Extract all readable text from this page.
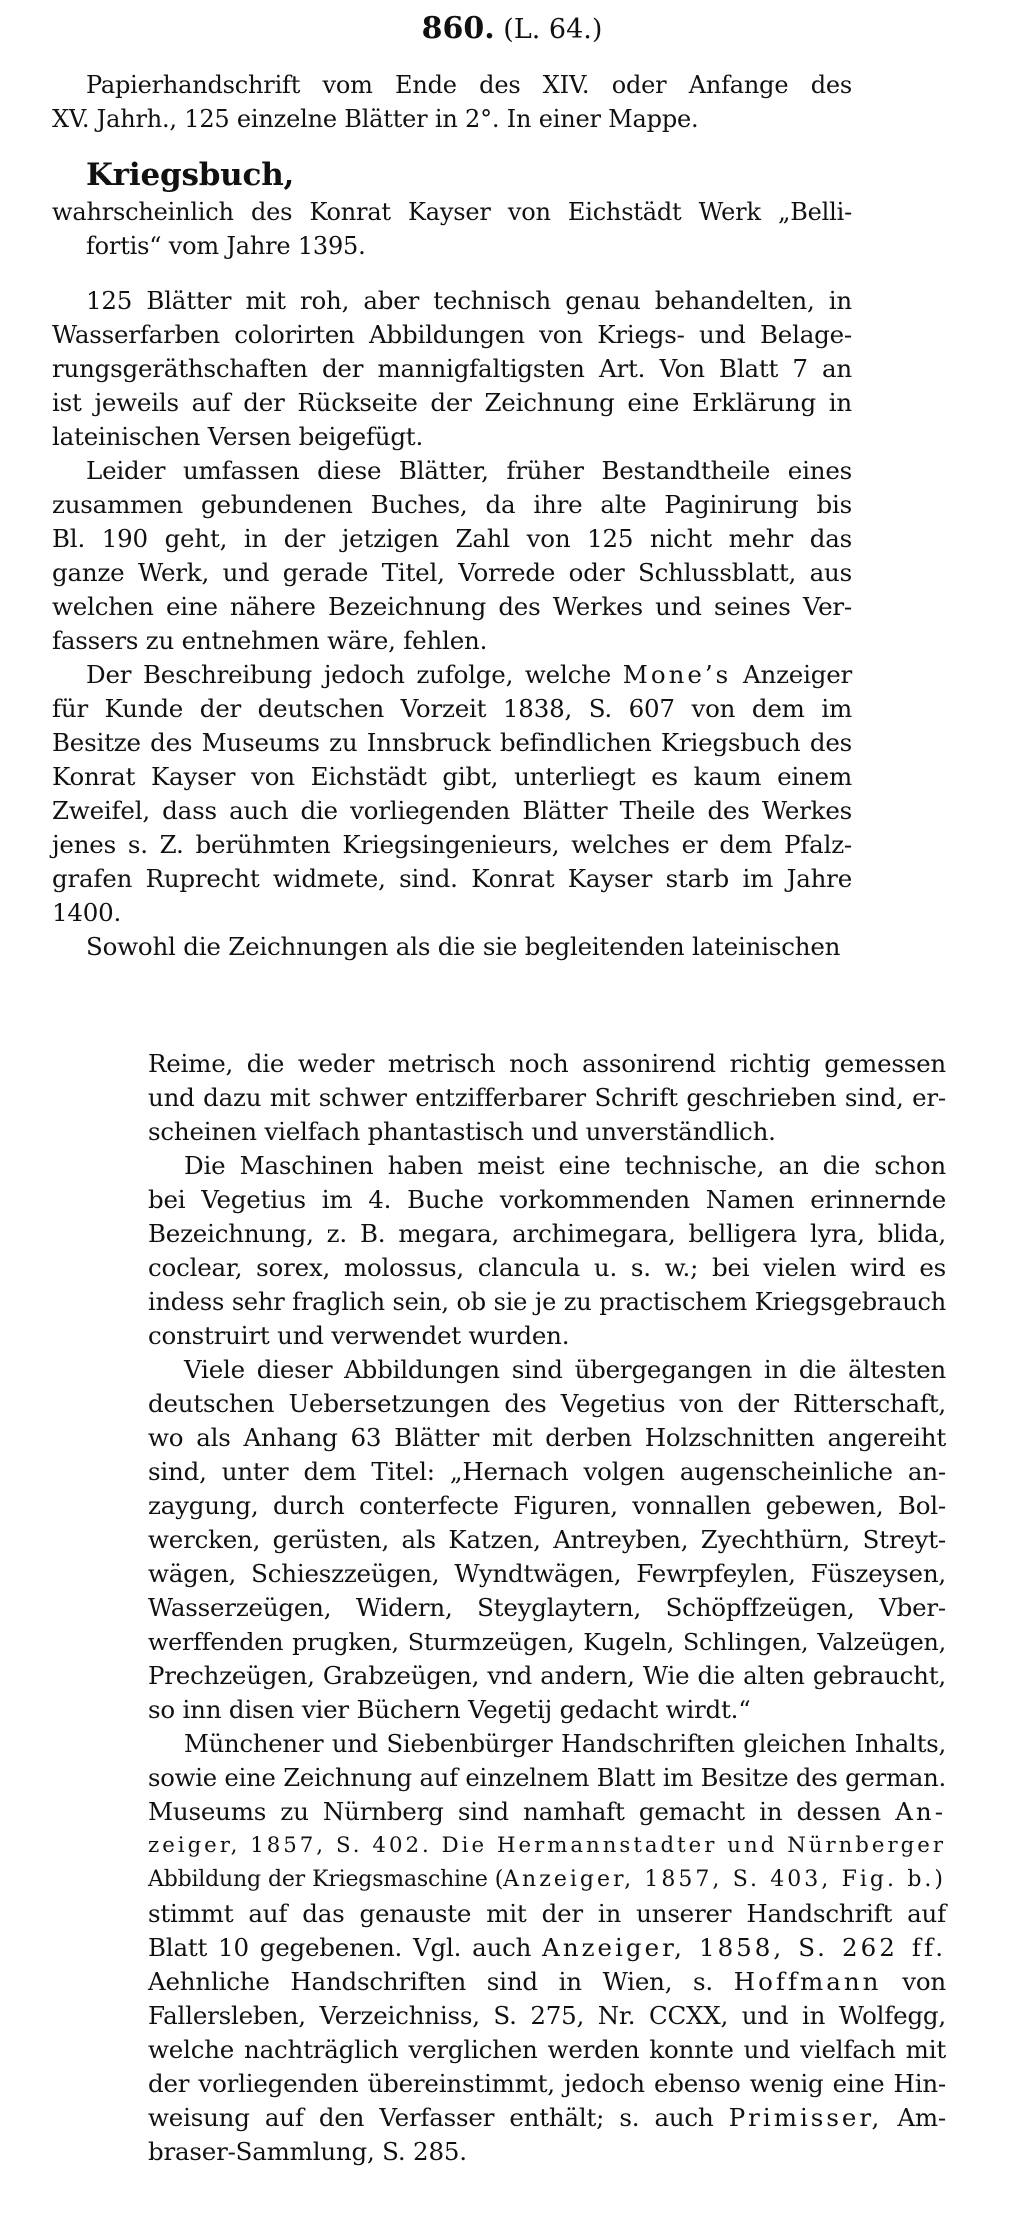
860. (L. 64.)
Papierhandschrift vom Ende des XIV. oder Anfange des
XV. Jahrh., 125 einzelne Blätter in 2°. In einer Mappe.
Kriegsbuch,
wahrscheinlich des Konrat Kayser von Eichstädt Werk „Belli-
fortis“ vom Jahre 1395.
125 Blätter mit roh, aber technisch genau behandelten, in
Wasserfarben colorirten Abbildungen von Kriegs- und Belage-
rungsgeräthschaften der mannigfaltigsten Art. Von Blatt 7 an
ist jeweils auf der Rückseite der Zeichnung eine Erklärung in
lateinischen Versen beigefügt.
Leider umfassen diese Blätter, früher Bestandtheile eines
zusammen gebundenen Buches, da ihre alte Paginirung bis
Bl. 190 geht, in der jetzigen Zahl von 125 nicht mehr das
ganze Werk, und gerade Titel, Vorrede oder Schlussblatt, aus
welchen eine nähere Bezeichnung des Werkes und seines Ver-
fassers zu entnehmen wäre, fehlen.
Der Beschreibung jedoch zufolge, welche Mone’s Anzeiger
für Kunde der deutschen Vorzeit 1838, S. 607 von dem im
Besitze des Museums zu Innsbruck befindlichen Kriegsbuch des
Konrat Kayser von Eichstädt gibt, unterliegt es kaum einem
Zweifel, dass auch die vorliegenden Blätter Theile des Werkes
jenes s. Z. berühmten Kriegsingenieurs, welches er dem Pfalz-
grafen Ruprecht widmete, sind. Konrat Kayser starb im Jahre
1400.
Sowohl die Zeichnungen als die sie begleitenden lateinischen
Reime, die weder metrisch noch assonirend richtig gemessen
und dazu mit schwer entzifferbarer Schrift geschrieben sind, er-
scheinen vielfach phantastisch und unverständlich.
Die Maschinen haben meist eine technische, an die schon
bei Vegetius im 4. Buche vorkommenden Namen erinnernde
Bezeichnung, z. B. megara, archimegara, belligera lyra, blida,
coclear, sorex, molossus, clancula u. s. w.; bei vielen wird es
indess sehr fraglich sein, ob sie je zu practischem Kriegsgebrauch
construirt und verwendet wurden.
Viele dieser Abbildungen sind übergegangen in die ältesten
deutschen Uebersetzungen des Vegetius von der Ritterschaft,
wo als Anhang 63 Blätter mit derben Holzschnitten angereiht
sind, unter dem Titel: „Hernach volgen augenscheinliche an-
zaygung, durch conterfecte Figuren, vonnallen gebewen, Bol-
wercken, gerüsten, als Katzen, Antreyben, Zyechthürn, Streyt-
wägen, Schieszzeügen, Wyndtwägen, Fewrpfeylen, Füszeysen,
Wasserzeügen, Widern, Steyglaytern, Schöpffzeügen, Vber-
werffenden prugken, Sturmzeügen, Kugeln, Schlingen, Valzeügen,
Prechzeügen, Grabzeügen, vnd andern, Wie die alten gebraucht,
so inn disen vier Büchern Vegetij gedacht wirdt.“
Münchener und Siebenbürger Handschriften gleichen Inhalts,
sowie eine Zeichnung auf einzelnem Blatt im Besitze des german.
Museums zu Nürnberg sind namhaft gemacht in dessen An-
zeiger, 1857, S. 402. Die Hermannstadter und Nürnberger
Abbildung der Kriegsmaschine (Anzeiger, 1857, S. 403, Fig. b.)
stimmt auf das genauste mit der in unserer Handschrift auf
Blatt 10 gegebenen. Vgl. auch Anzeiger, 1858, S. 262 ff.
Aehnliche Handschriften sind in Wien, s. Hoffmann von
Fallersleben, Verzeichniss, S. 275, Nr. CCXX, und in Wolfegg,
welche nachträglich verglichen werden konnte und vielfach mit
der vorliegenden übereinstimmt, jedoch ebenso wenig eine Hin-
weisung auf den Verfasser enthält; s. auch Primisser, Am-
braser-Sammlung, S. 285.
